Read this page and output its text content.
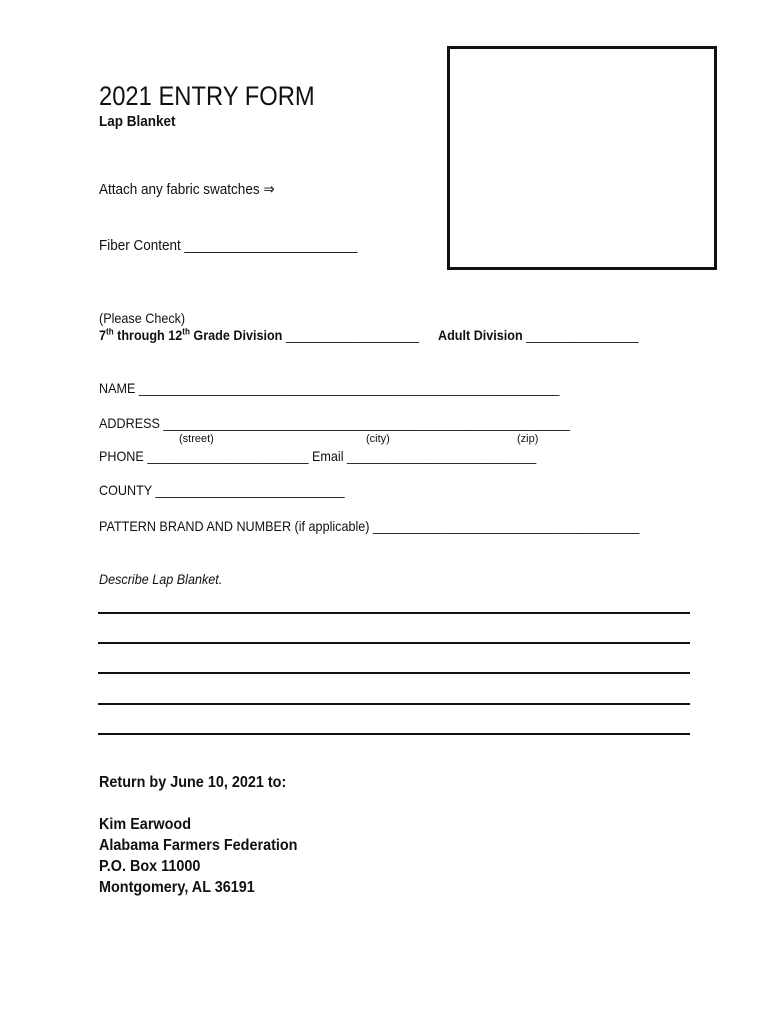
2021 ENTRY FORM
Lap Blanket
Attach any fabric swatches ⇒
Fiber Content _______________________
(Please Check)
7th through 12th Grade Division ___________________	Adult Division ________________
NAME ____________________________________________________________
ADDRESS __________________________________________________________
(street)	(city)	(zip)
PHONE _______________________ Email ___________________________
COUNTY ___________________________
PATTERN BRAND AND NUMBER (if applicable) ______________________________________
Describe Lap Blanket.
Return by June 10, 2021 to:
Kim Earwood
Alabama Farmers Federation
P.O. Box 11000
Montgomery, AL 36191
